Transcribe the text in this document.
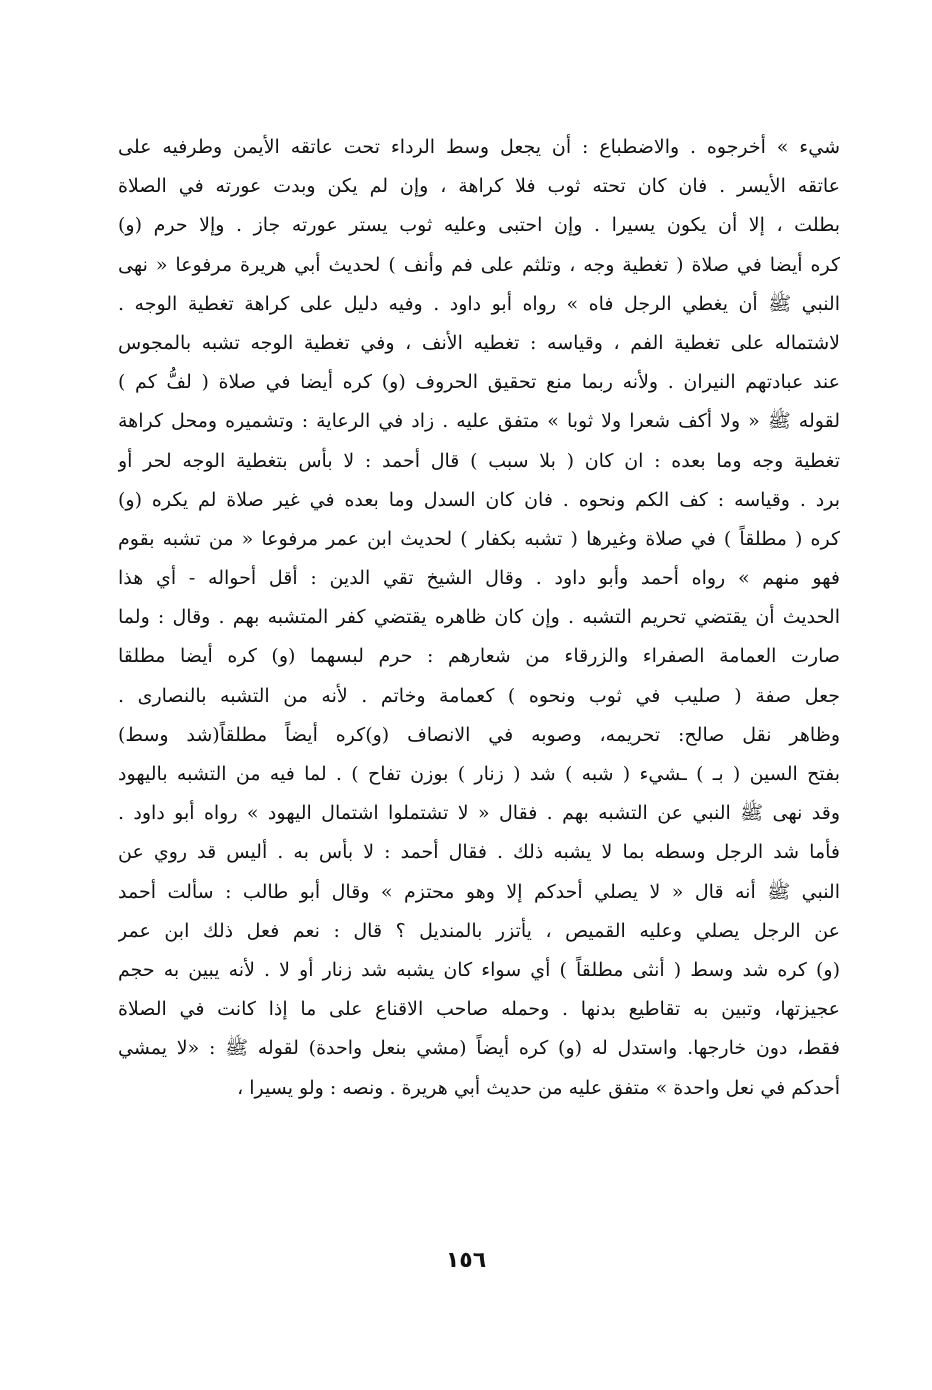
شيء » أخرجوه . والاضطباع : أن يجعل وسط الرداء تحت عاتقه الأيمن وطرفيه على
عاتقه الأيسر . فان كان تحته ثوب فلا كراهة ، وإن لم يكن وبدت عورته في الصلاة
بطلت ، إلا أن يكون يسيرا . وإن احتبى وعليه ثوب يستر عورته جاز . وإلا حرم (و)
كره أيضا في صلاة ( تغطية وجه ، وتلثم على فم وأنف ) لحديث أبي هريرة مرفوعا « نهى
النبي ﷺ أن يغطي الرجل فاه » رواه أبو داود . وفيه دليل على كراهة تغطية الوجه .
لاشتماله على تغطية الفم ، وقياسه : تغطيه الأنف ، وفي تغطية الوجه تشبه بالمجوس
عند عبادتهم النيران . ولأنه ربما منع تحقيق الحروف (و) كره أيضا في صلاة ( لفُّ كم )
لقوله ﷺ « ولا أكف شعرا ولا ثوبا » متفق عليه . زاد في الرعاية : وتشميره ومحل كراهة
تغطية وجه وما بعده : ان كان ( بلا سبب ) قال أحمد : لا بأس بتغطية الوجه لحر أو
برد . وقياسه : كف الكم ونحوه . فان كان السدل وما بعده في غير صلاة لم يكره (و)
كره ( مطلقاً ) في صلاة وغيرها ( تشبه بكفار ) لحديث ابن عمر مرفوعا « من تشبه بقوم
فهو منهم » رواه أحمد وأبو داود . وقال الشيخ تقي الدين : أقل أحواله - أي هذا
الحديث أن يقتضي تحريم التشبه . وإن كان ظاهره يقتضي كفر المتشبه بهم . وقال : ولما
صارت العمامة الصفراء والزرقاء من شعارهم : حرم لبسهما (و) كره أيضا مطلقا
جعل صفة ( صليب في ثوب ونحوه ) كعمامة وخاتم . لأنه من التشبه بالنصارى .
وظاهر نقل صالح: تحريمه، وصوبه في الانصاف (و)كره أيضاً مطلقاً(شد وسط)
بفتح السين ( بـ ) ـشيء ( شبه ) شد ( زنار ) بوزن تفاح ) . لما فيه من التشبه باليهود
وقد نهى ﷺ النبي عن التشبه بهم . فقال « لا تشتملوا اشتمال اليهود » رواه أبو داود .
فأما شد الرجل وسطه بما لا يشبه ذلك . فقال أحمد : لا بأس به . أليس قد روي عن
النبي ﷺ أنه قال « لا يصلي أحدكم إلا وهو محتزم » وقال أبو طالب : سألت أحمد
عن الرجل يصلي وعليه القميص ، يأتزر بالمنديل ؟ قال : نعم فعل ذلك ابن عمر
(و) كره شد وسط ( أنثى مطلقاً ) أي سواء كان يشبه شد زنار أو لا . لأنه يبين به حجم
عجيزتها، وتبين به تقاطيع بدنها . وحمله صاحب الاقناع على ما إذا كانت في الصلاة
فقط، دون خارجها. واستدل له (و) كره أيضاً (مشي بنعل واحدة) لقوله ﷺ : «لا يمشي
أحدكم في نعل واحدة » متفق عليه من حديث أبي هريرة . ونصه : ولو يسيرا ،
١٥٦
